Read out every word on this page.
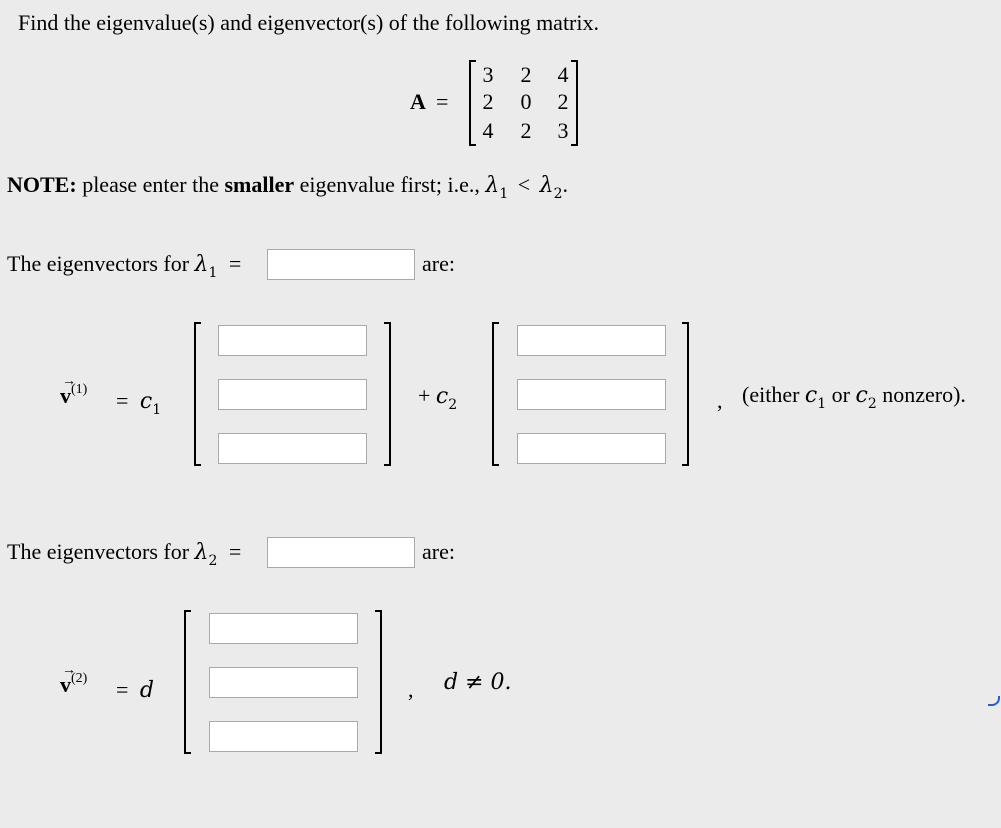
Find the eigenvalue(s) and eigenvector(s) of the following matrix.
A =
3 2 4
2 0 2
4 2 3
NOTE: please enter the smaller eigenvalue first; i.e., $\lambda_1 < \lambda_2$.
The eigenvectors for $\lambda_1$ =	are:
→
$v^{(1)} = c_1$
+ $c_2$	, (either $c_1$ or $c_2$ nonzero).
The eigenvectors for $\lambda_2$ =	are:
→
$v^{(2)} = d$	, d ≠ 0.
